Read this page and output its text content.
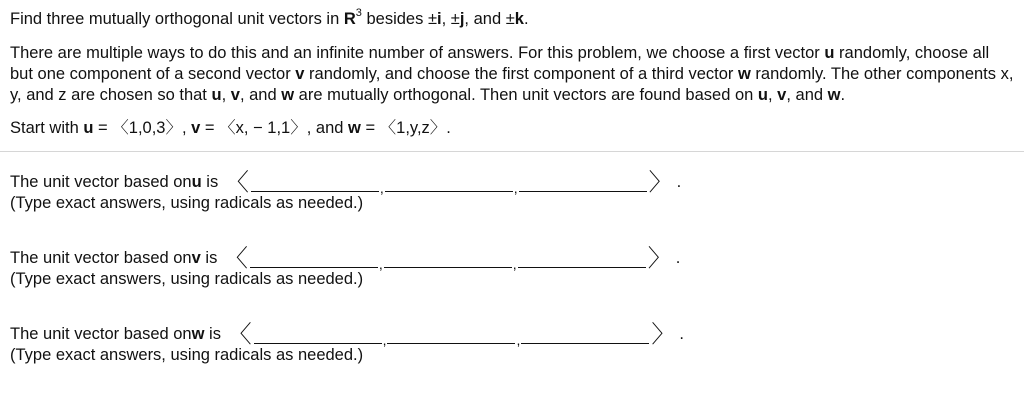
Find three mutually orthogonal unit vectors in $R^3$ besides ±i, ±j, and ±k.

There are multiple ways to do this and an infinite number of answers. For this problem, we choose a first vector u randomly, choose all but one component of a second vector v randomly, and choose the first component of a third vector w randomly. The other components x, y, and z are chosen so that u, v, and w are mutually orthogonal. Then unit vectors are found based on u, v, and w.

Start with u = 〈1,0,3〉, v = 〈x, − 1,1〉, and w = 〈1,y,z〉.

The unit vector based on u is 〈	,	,	〉 .
(Type exact answers, using radicals as needed.)
The unit vector based on v is 〈	,	,	〉 .
(Type exact answers, using radicals as needed.)
The unit vector based on w is 〈	,	,	〉 .
(Type exact answers, using radicals as needed.)
